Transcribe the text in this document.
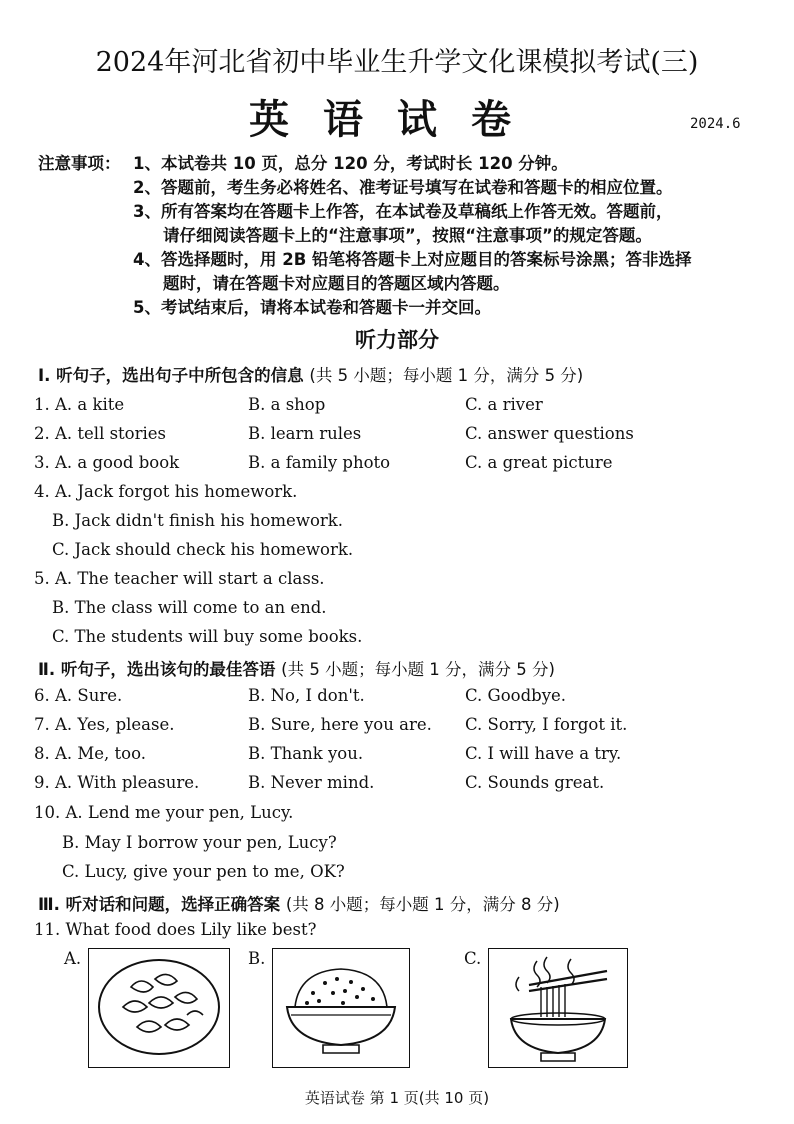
2024年河北省初中毕业生升学文化课模拟考试(三)
英语试卷	2024.6
注意事项： 1、本试卷共 10 页，总分 120 分，考试时长 120 分钟。
2、答题前，考生务必将姓名、准考证号填写在试卷和答题卡的相应位置。
3、所有答案均在答题卡上作答，在本试卷及草稿纸上作答无效。答题前，
请仔细阅读答题卡上的“注意事项”，按照“注意事项”的规定答题。
4、答选择题时，用 2B 铅笔将答题卡上对应题目的答案标号涂黑；答非选择
题时，请在答题卡对应题目的答题区域内答题。
5、考试结束后，请将本试卷和答题卡一并交回。
听力部分
Ⅰ. 听句子，选出句子中所包含的信息 (共 5 小题；每小题 1 分，满分 5 分)
1. A. a kite	B. a shop	C. a river
2. A. tell stories	B. learn rules	C. answer questions
3. A. a good book	B. a family photo	C. a great picture
4. A. Jack forgot his homework.
B. Jack didn't finish his homework.
C. Jack should check his homework.
5. A. The teacher will start a class.
B. The class will come to an end.
C. The students will buy some books.
Ⅱ. 听句子，选出该句的最佳答语 (共 5 小题；每小题 1 分，满分 5 分)
6. A. Sure.	B. No, I don't.	C. Goodbye.
7. A. Yes, please.	B. Sure, here you are. C. Sorry, I forgot it.
8. A. Me, too.	B. Thank you.	C. I will have a try.
9. A. With pleasure.	B. Never mind.	C. Sounds great.
10. A. Lend me your pen, Lucy.
B. May I borrow your pen, Lucy?
C. Lucy, give your pen to me, OK?
Ⅲ. 听对话和问题，选择正确答案 (共 8 小题；每小题 1 分，满分 8 分)
11. What food does Lily like best?
A.	B.	C.
英语试卷 第 1 页(共 10 页)
